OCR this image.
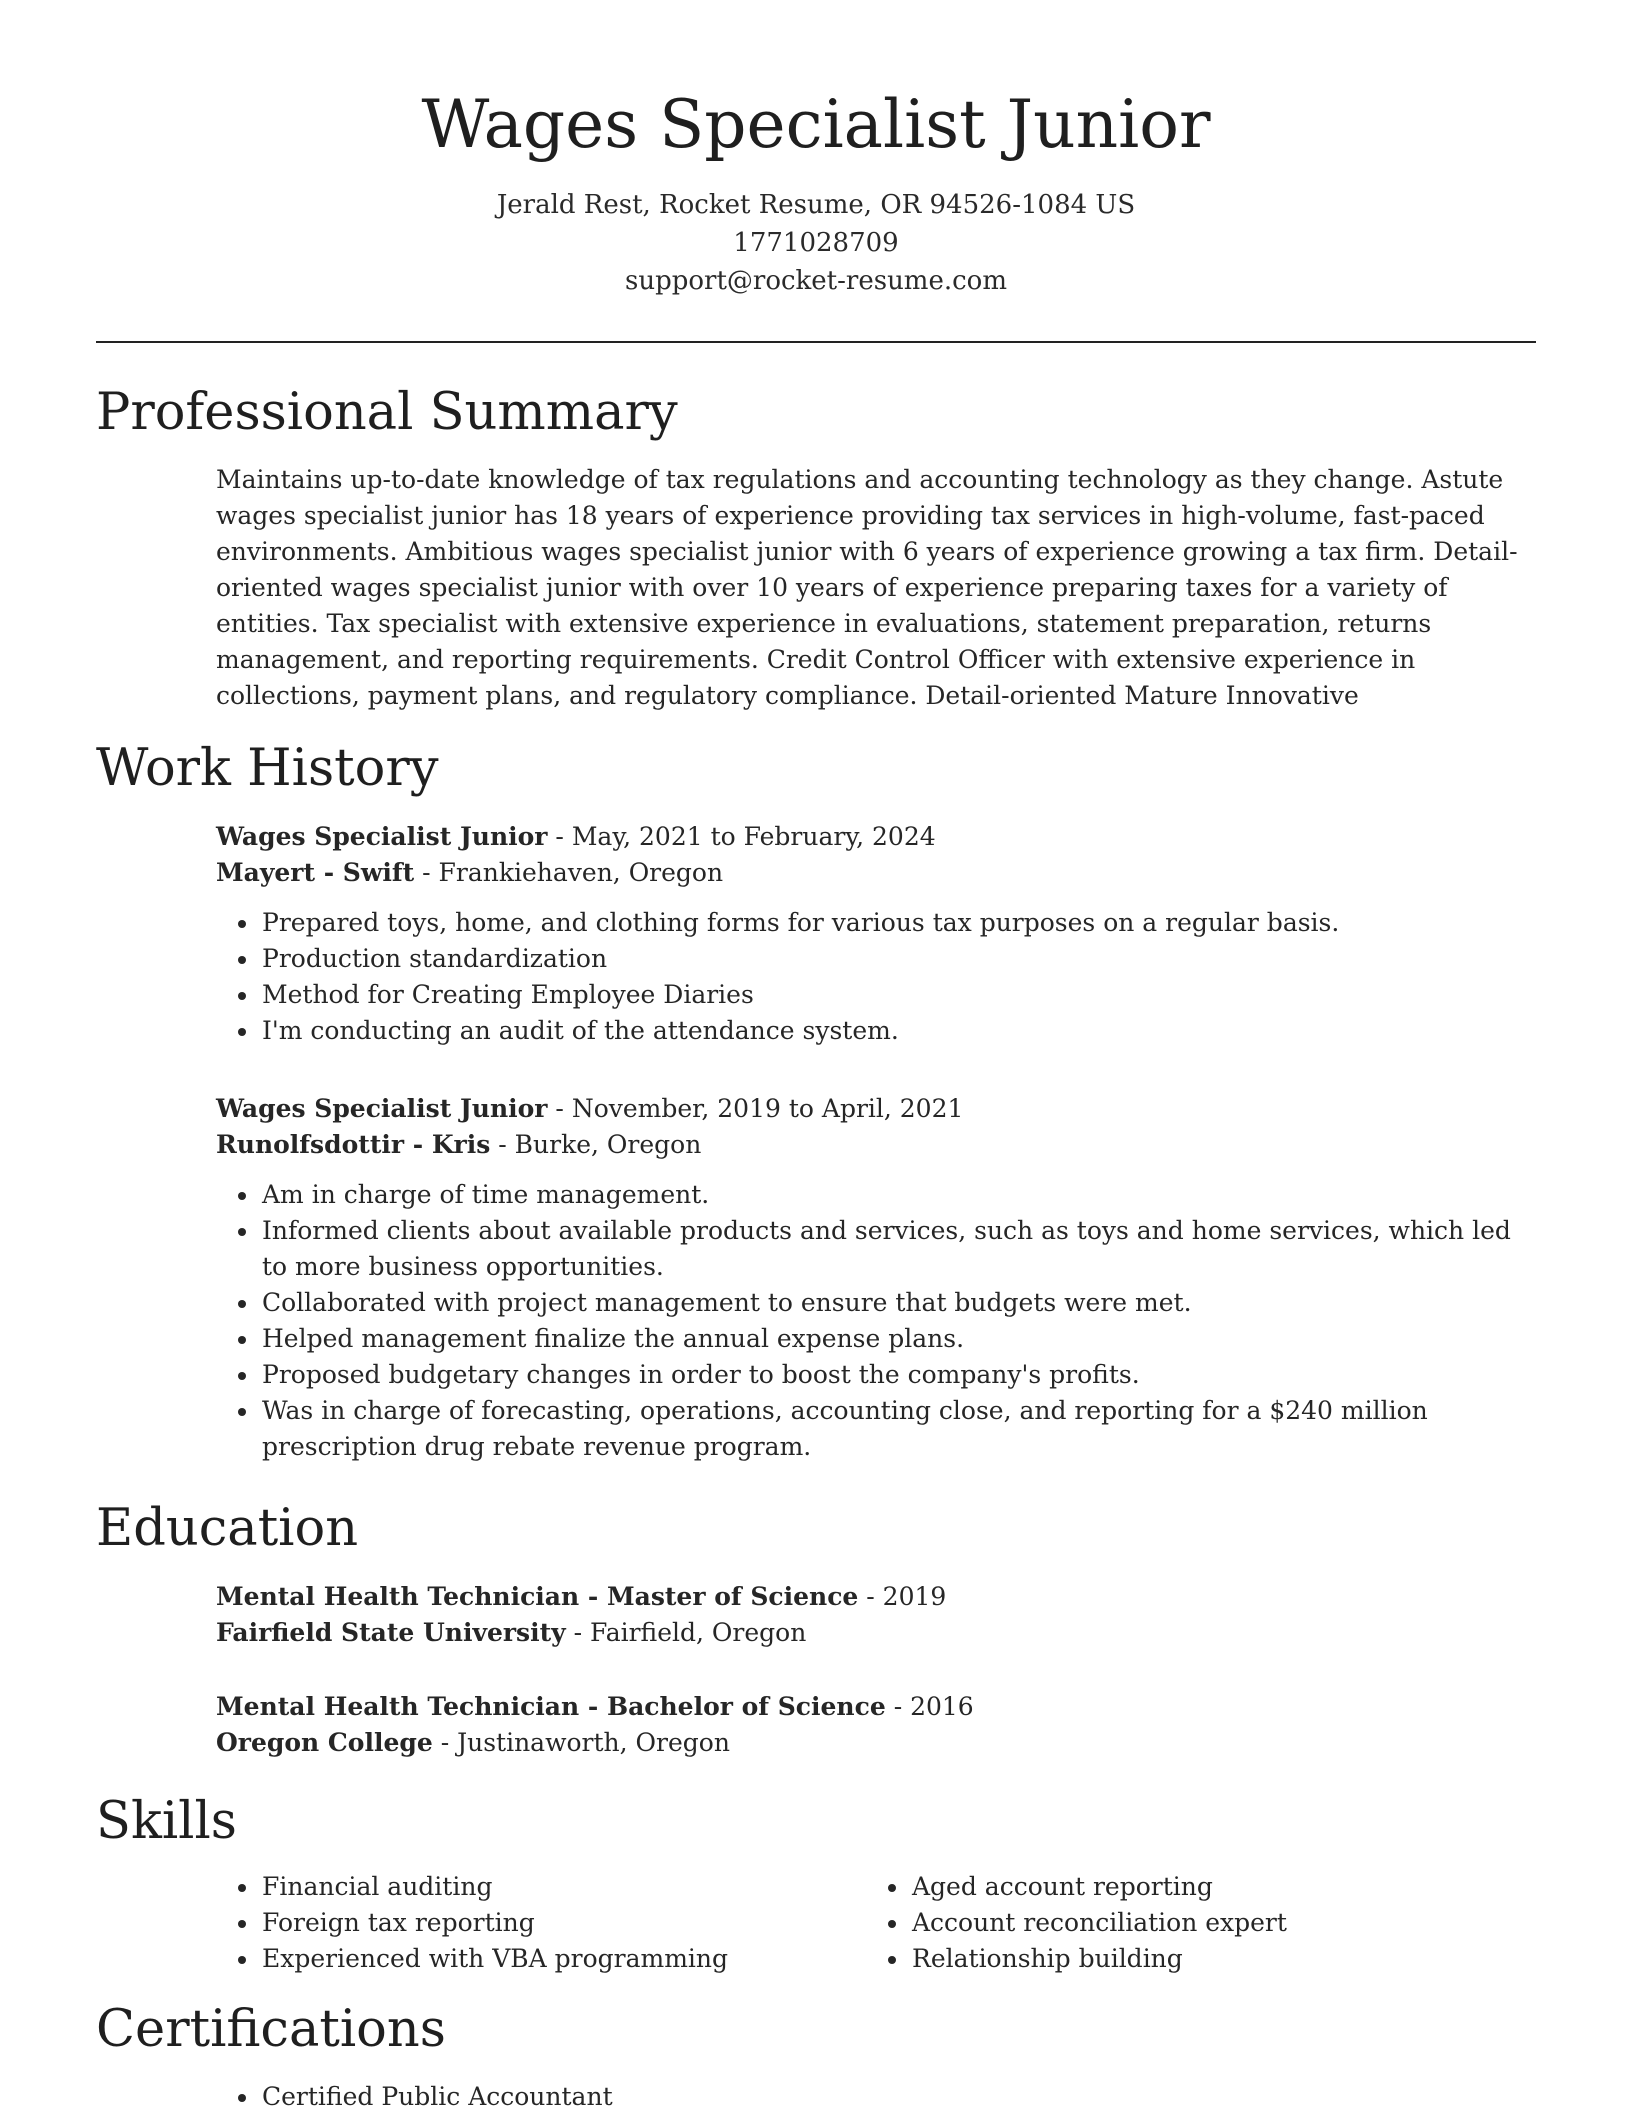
Wages Specialist Junior
Jerald Rest, Rocket Resume, OR 94526-1084 US
1771028709
support@rocket-resume.com
Professional Summary

Maintains up-to-date knowledge of tax regulations and accounting technology as they change. Astute wages specialist junior has 18 years of experience providing tax services in high-volume, fast-paced environments. Ambitious wages specialist junior with 6 years of experience growing a tax firm. Detail-oriented wages specialist junior with over 10 years of experience preparing taxes for a variety of entities. Tax specialist with extensive experience in evaluations, statement preparation, returns management, and reporting requirements. Credit Control Officer with extensive experience in collections, payment plans, and regulatory compliance. Detail-oriented Mature Innovative

Work History

Wages Specialist Junior - May, 2021 to February, 2024

Mayert - Swift - Frankiehaven, Oregon

• Prepared toys, home, and clothing forms for various tax purposes on a regular basis.
• Production standardization
• Method for Creating Employee Diaries
• I'm conducting an audit of the attendance system.

Wages Specialist Junior - November, 2019 to April, 2021

Runolfsdottir - Kris - Burke, Oregon

• Am in charge of time management.
• Informed clients about available products and services, such as toys and home services, which led to more business opportunities.
• Collaborated with project management to ensure that budgets were met.
• Helped management finalize the annual expense plans.
• Proposed budgetary changes in order to boost the company's profits.
• Was in charge of forecasting, operations, accounting close, and reporting for a $240 million prescription drug rebate revenue program.
Education

Mental Health Technician - Master of Science - 2019

Fairfield State University - Fairfield, Oregon

Mental Health Technician - Bachelor of Science - 2016

Oregon College - Justinaworth, Oregon

Skills
• Financial auditing
• Foreign tax reporting
• Experienced with VBA programming
• Aged account reporting
• Account reconciliation expert
• Relationship building
Certifications
• Certified Public Accountant
